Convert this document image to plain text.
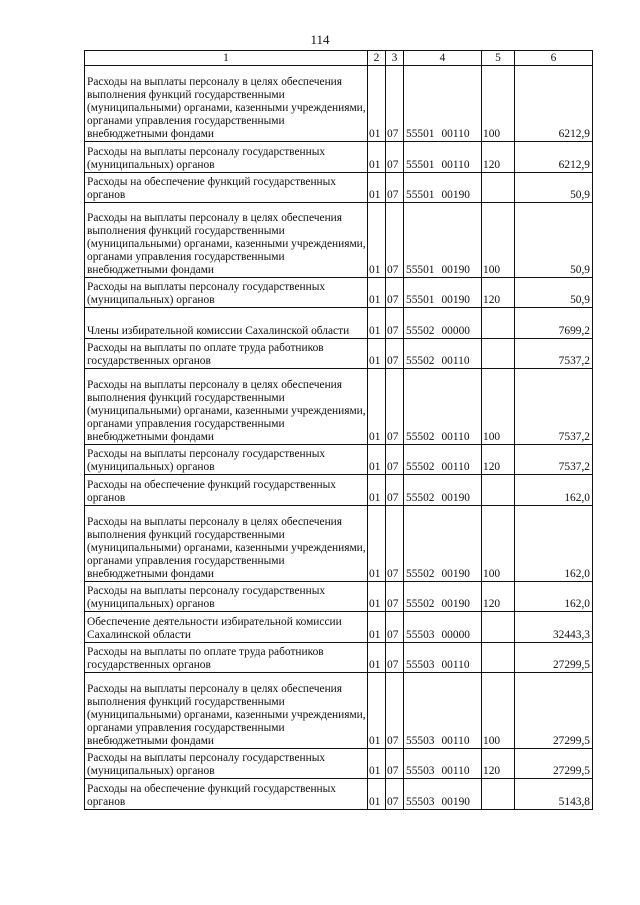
114
1	2	3	4	5	6
Расходы на выплаты персоналу в целях обеспечения выполнения функций государственными (муниципальными) органами, казенными учреждениями, органами управления государственными внебюджетными фондами	01	07	55501 00110	100	6212,9
Расходы на выплаты персоналу государственных (муниципальных) органов	01	07	55501 00110	120	6212,9
Расходы на обеспечение функций государственных органов	01	07	55501 00190		50,9
Расходы на выплаты персоналу в целях обеспечения выполнения функций государственными (муниципальными) органами, казенными учреждениями, органами управления государственными внебюджетными фондами	01	07	55501 00190	100	50,9
Расходы на выплаты персоналу государственных (муниципальных) органов	01	07	55501 00190	120	50,9
Члены избирательной комиссии Сахалинской области	01	07	55502 00000		7699,2
Расходы на выплаты по оплате труда работников государственных органов	01	07	55502 00110		7537,2
Расходы на выплаты персоналу в целях обеспечения выполнения функций государственными (муниципальными) органами, казенными учреждениями, органами управления государственными внебюджетными фондами	01	07	55502 00110	100	7537,2
Расходы на выплаты персоналу государственных (муниципальных) органов	01	07	55502 00110	120	7537,2
Расходы на обеспечение функций государственных органов	01	07	55502 00190		162,0
Расходы на выплаты персоналу в целях обеспечения выполнения функций государственными (муниципальными) органами, казенными учреждениями, органами управления государственными внебюджетными фондами	01	07	55502 00190	100	162,0
Расходы на выплаты персоналу государственных (муниципальных) органов	01	07	55502 00190	120	162,0
Обеспечение деятельности избирательной комиссии Сахалинской области	01	07	55503 00000		32443,3
Расходы на выплаты по оплате труда работников государственных органов	01	07	55503 00110		27299,5
Расходы на выплаты персоналу в целях обеспечения выполнения функций государственными (муниципальными) органами, казенными учреждениями, органами управления государственными внебюджетными фондами	01	07	55503 00110	100	27299,5
Расходы на выплаты персоналу государственных (муниципальных) органов	01	07	55503 00110	120	27299,5
Расходы на обеспечение функций государственных органов	01	07	55503 00190		5143,8
